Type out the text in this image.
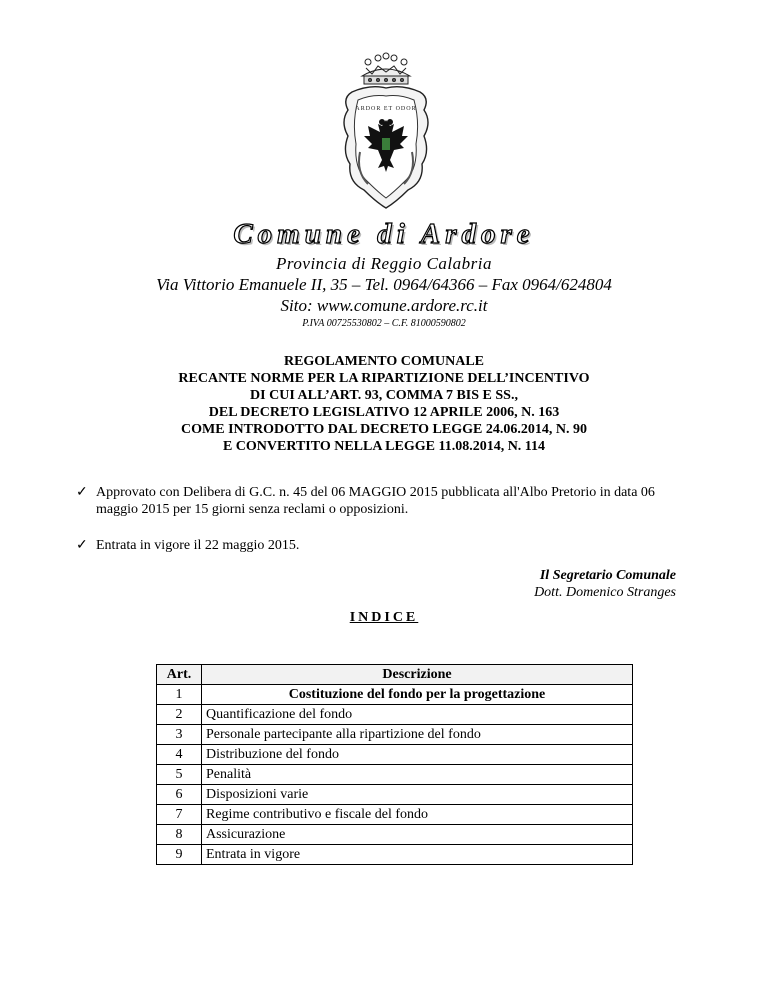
ARDOR ET ODOR
Comune di Ardore
Provincia di Reggio Calabria
Via Vittorio Emanuele II, 35 – Tel. 0964/64366 – Fax 0964/624804
Sito: www.comune.ardore.rc.it
P.IVA 00725530802 – C.F. 81000590802
REGOLAMENTO COMUNALE
RECANTE NORME PER LA RIPARTIZIONE DELL’INCENTIVO
DI CUI ALL’ART. 93, COMMA 7 BIS E SS.,
DEL DECRETO LEGISLATIVO 12 APRILE 2006, N. 163
COME INTRODOTTO DAL DECRETO LEGGE 24.06.2014, N. 90
E CONVERTITO NELLA LEGGE 11.08.2014, N. 114
✓ Approvato con Delibera di G.C. n. 45 del 06 MAGGIO 2015 pubblicata all'Albo Pretorio in data 06 maggio 2015 per 15 giorni senza reclami o opposizioni.
✓ Entrata in vigore il 22 maggio 2015.
Il Segretario Comunale
Dott. Domenico Stranges
INDICE
Art.	Descrizione
1	Costituzione del fondo per la progettazione
2	Quantificazione del fondo
3	Personale partecipante alla ripartizione del fondo
4	Distribuzione del fondo
5	Penalità
6	Disposizioni varie
7	Regime contributivo e fiscale del fondo
8	Assicurazione
9	Entrata in vigore
